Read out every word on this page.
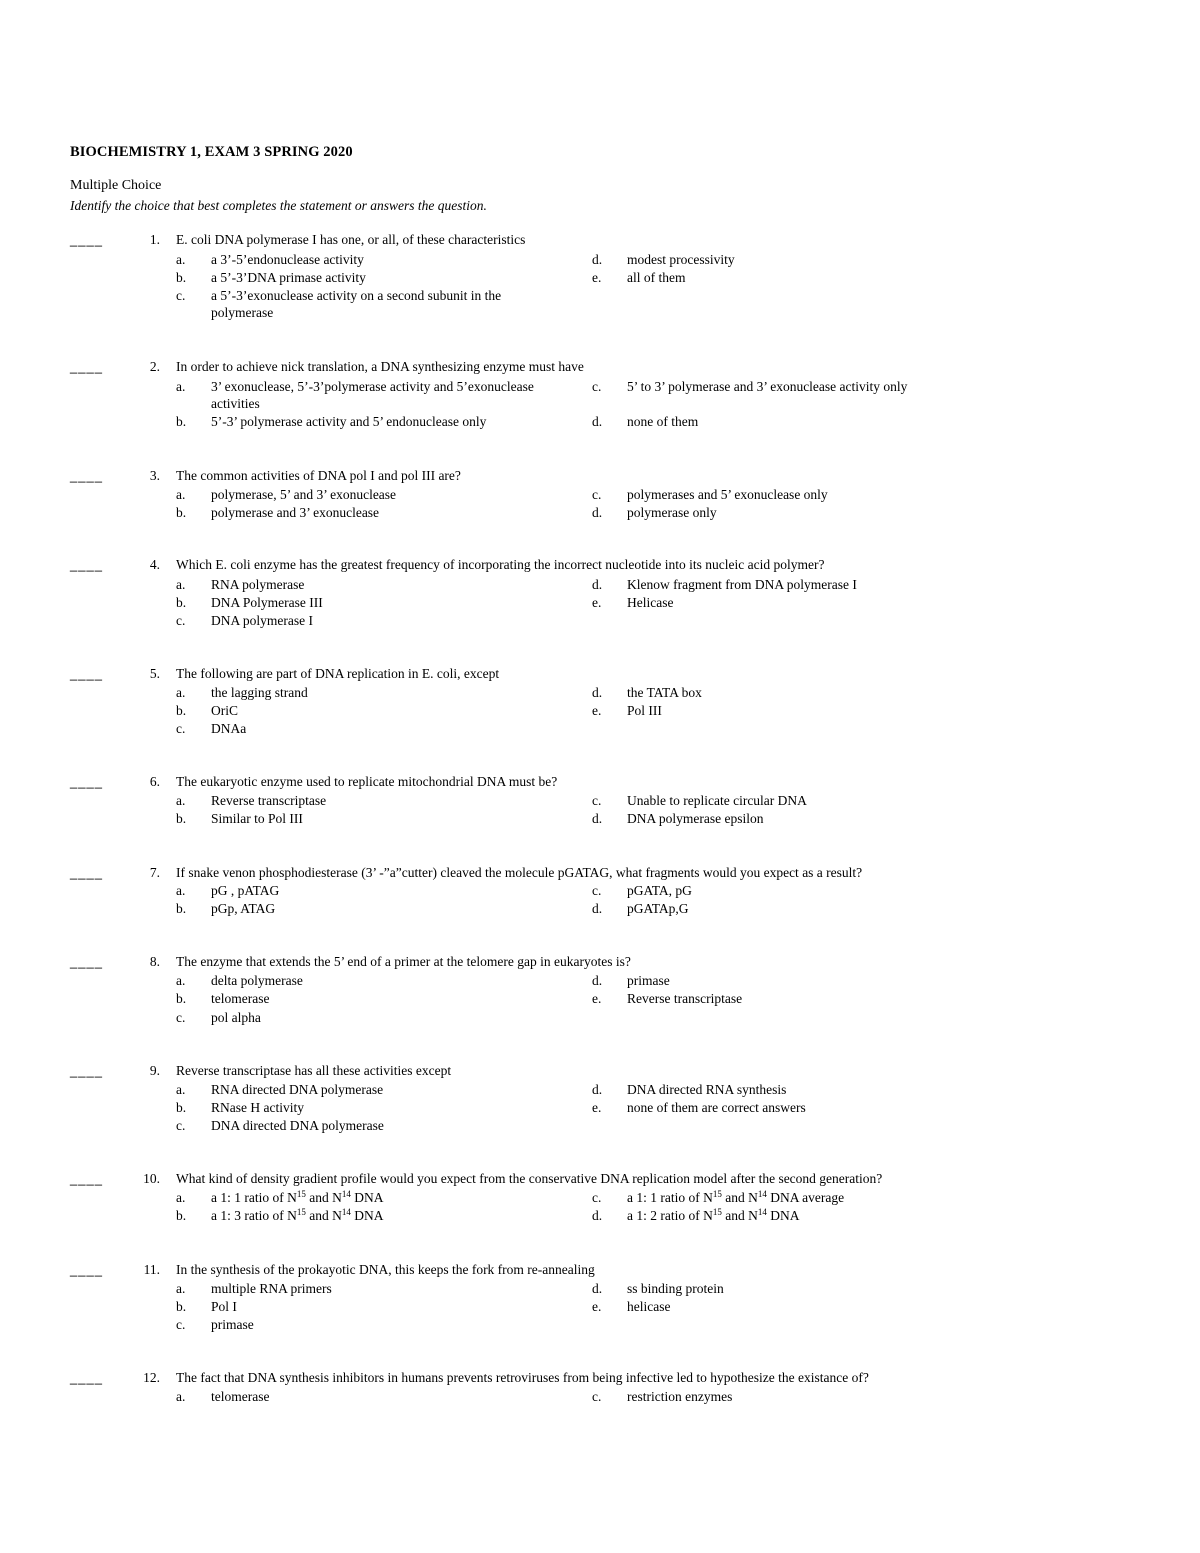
BIOCHEMISTRY 1, EXAM 3 SPRING 2020
Multiple Choice
Identify the choice that best completes the statement or answers the question.
____	1. E. coli DNA polymerase I has one, or all, of these characteristics
a. a 3’-5’endonuclease activity
b. a 5’-3’DNA primase activity
c. a 5’-3’exonuclease activity on a second subunit in the polymerase
d. modest processivity
e. all of them
____	2. In order to achieve nick translation, a DNA synthesizing enzyme must have
a. 3’ exonuclease, 5’-3’polymerase activity and 5’exonuclease activities
b. 5’-3’ polymerase activity and 5’ endonuclease only
c. 5’ to 3’ polymerase and 3’ exonuclease activity only
d. none of them
____	3. The common activities of DNA pol I and pol III are?
a. polymerase, 5’ and 3’ exonuclease
b. polymerase and 3’ exonuclease
c. polymerases and 5’ exonuclease only
d. polymerase only
____	4. Which E. coli enzyme has the greatest frequency of incorporating the incorrect nucleotide into its nucleic acid polymer?
a. RNA polymerase
b. DNA Polymerase III
c. DNA polymerase I
d. Klenow fragment from DNA polymerase I
e. Helicase
____	5. The following are part of DNA replication in E. coli, except
a. the lagging strand
b. OriC
c. DNAa
d. the TATA box
e. Pol III
____	6. The eukaryotic enzyme used to replicate mitochondrial DNA must be?
a. Reverse transcriptase
b. Similar to Pol III
c. Unable to replicate circular DNA
d. DNA polymerase epsilon
____	7. If snake venon phosphodiesterase (3’ -”a”cutter) cleaved the molecule pGATAG, what fragments would you expect as a result?
a. pG , pATAG
b. pGp, ATAG
c. pGATA, pG
d. pGATAp,G
____	8. The enzyme that extends the 5’ end of a primer at the telomere gap in eukaryotes is?
a. delta polymerase
b. telomerase
c. pol alpha
d. primase
e. Reverse transcriptase
____	9. Reverse transcriptase has all these activities except
a. RNA directed DNA polymerase
b. RNase H activity
c. DNA directed DNA polymerase
d. DNA directed RNA synthesis
e. none of them are correct answers
____	10. What kind of density gradient profile would you expect from the conservative DNA replication model after the second generation?
a. a 1: 1 ratio of $N^{15}$ and $N^{14}$ DNA
b. a 1: 3 ratio of $N^{15}$ and $N^{14}$ DNA
c. a 1: 1 ratio of $N^{15}$ and $N^{14}$ DNA average
d. a 1: 2 ratio of $N^{15}$ and $N^{14}$ DNA
____	11. In the synthesis of the prokayotic DNA, this keeps the fork from re-annealing
a. multiple RNA primers
b. Pol I
c. primase
d. ss binding protein
e. helicase
____	12. The fact that DNA synthesis inhibitors in humans prevents retroviruses from being infective led to hypothesize the existance of?
a. telomerase	c. restriction enzymes
